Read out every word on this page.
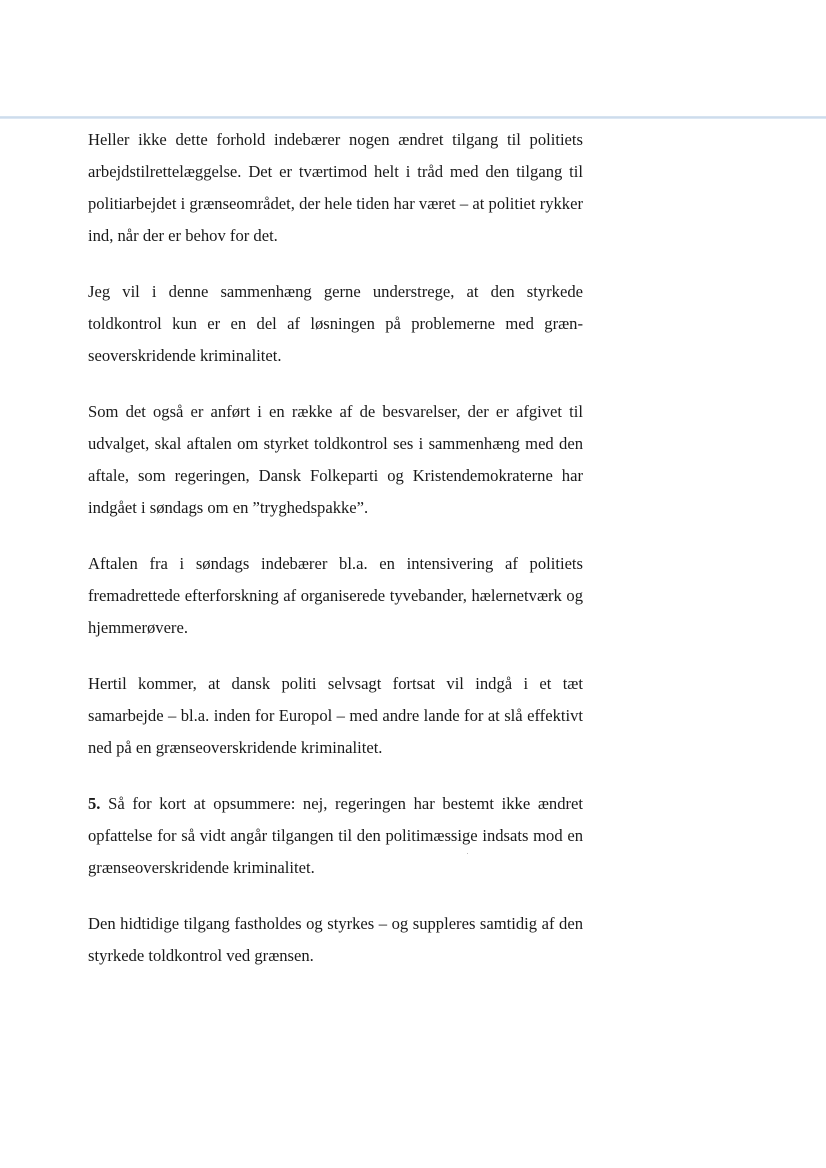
Heller ikke dette forhold indebærer nogen ændret tilgang til politiets arbejdstilrettelæggelse. Det er tværtimod helt i tråd med den tilgang til politiarbejdet i grænseområdet, der hele tiden har været – at politiet rykker ind, når der er behov for det.

Jeg vil i denne sammenhæng gerne understrege, at den styrkede toldkontrol kun er en del af løsningen på problemerne med grænseoverskridende kriminalitet.

Som det også er anført i en række af de besvarelser, der er afgivet til udvalget, skal aftalen om styrket toldkontrol ses i sammenhæng med den aftale, som regeringen, Dansk Folkeparti og Kristendemokraterne har indgået i søndags om en ”tryghedspakke”.

Aftalen fra i søndags indebærer bl.a. en intensivering af politiets fremadrettede efterforskning af organiserede tyvebander, hælernetværk og hjemmerøvere.

Hertil kommer, at dansk politi selvsagt fortsat vil indgå i et tæt samarbejde – bl.a. inden for Europol – med andre lande for at slå effektivt ned på en grænseoverskridende kriminalitet.

5. Så for kort at opsummere: nej, regeringen har bestemt ikke ændret opfattelse for så vidt angår tilgangen til den politimæssige indsats mod en grænseoverskridende kriminalitet.

Den hidtidige tilgang fastholdes og styrkes – og suppleres samtidig af den styrkede toldkontrol ved grænsen.
